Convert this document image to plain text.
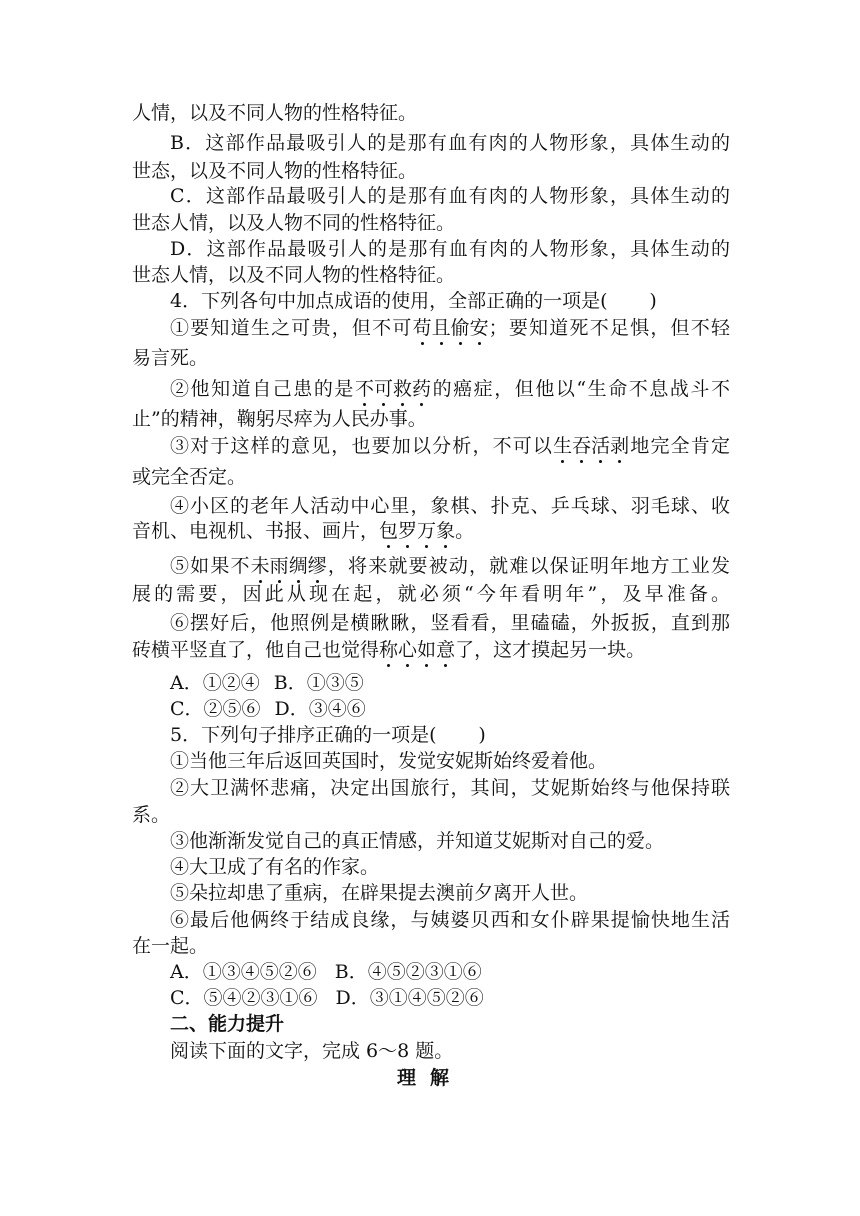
人情，以及不同人物的性格特征。
B．这部作品最吸引人的是那有血有肉的人物形象，具体生动的
世态，以及不同人物的性格特征。
C．这部作品最吸引人的是那有血有肉的人物形象，具体生动的
世态人情，以及人物不同的性格特征。
D．这部作品最吸引人的是那有血有肉的人物形象，具体生动的
世态人情，以及不同人物的性格特征。
4．下列各句中加点成语的使用，全部正确的一项是( )
①要知道生之可贵，但不可苟且偷安；要知道死不足惧，但不轻
易言死。
②他知道自己患的是不可救药的癌症，但他以“生命不息战斗不
止”的精神，鞠躬尽瘁为人民办事。
③对于这样的意见，也要加以分析，不可以生吞活剥地完全肯定
或完全否定。
④小区的老年人活动中心里，象棋、扑克、乒乓球、羽毛球、收
音机、电视机、书报、画片，包罗万象。
⑤如果不未雨绸缪，将来就要被动，就难以保证明年地方工业发
展的需要，因此从现在起，就必须“今年看明年”，及早准备。
⑥摆好后，他照例是横瞅瞅，竖看看，里磕磕，外扳扳，直到那
砖横平竖直了，他自己也觉得称心如意了，这才摸起另一块。
A．①②④ B．①③⑤
C．②⑤⑥ D．③④⑥
5．下列句子排序正确的一项是( )
①当他三年后返回英国时，发觉安妮斯始终爱着他。
②大卫满怀悲痛，决定出国旅行，其间，艾妮斯始终与他保持联
系。
③他渐渐发觉自己的真正情感，并知道艾妮斯对自己的爱。
④大卫成了有名的作家。
⑤朵拉却患了重病，在辟果提去澳前夕离开人世。
⑥最后他俩终于结成良缘，与姨婆贝西和女仆辟果提愉快地生活
在一起。
A．①③④⑤②⑥ B．④⑤②③①⑥
C．⑤④②③①⑥ D．③①④⑤②⑥
二、能力提升
阅读下面的文字，完成 6～8 题。
理解
